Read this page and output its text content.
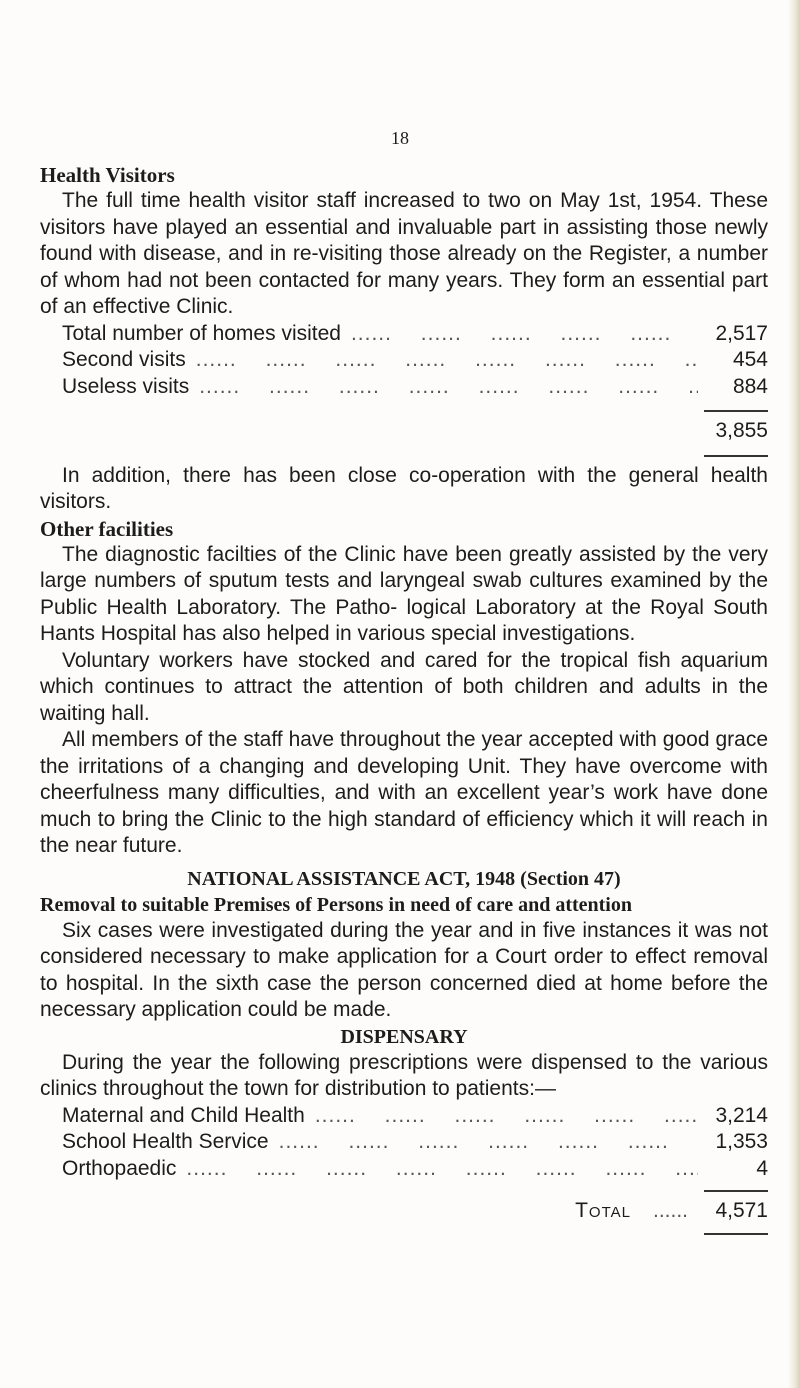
18
Health Visitors

The full time health visitor staff increased to two on May 1st, 1954. These visitors have played an essential and invaluable part in assisting those newly found with disease, and in re-visiting those already on the Register, a number of whom had not been contacted for many years. They form an essential part of an effective Clinic.

Total number of homes visited .....	2,517
Second visits .....	454
Useless visits .....	884
3,855

In addition, there has been close co-operation with the general health visitors.

Other facilities

The diagnostic facilties of the Clinic have been greatly assisted by the very large numbers of sputum tests and laryngeal swab cultures examined by the Public Health Laboratory. The Patho- logical Laboratory at the Royal South Hants Hospital has also helped in various special investigations.

Voluntary workers have stocked and cared for the tropical fish aquarium which continues to attract the attention of both children and adults in the waiting hall.

All members of the staff have throughout the year accepted with good grace the irritations of a changing and developing Unit. They have overcome with cheerfulness many difficulties, and with an excellent year’s work have done much to bring the Clinic to the high standard of efficiency which it will reach in the near future.

NATIONAL ASSISTANCE ACT, 1948 (Section 47)
Removal to suitable Premises of Persons in need of care and attention

Six cases were investigated during the year and in five instances it was not considered necessary to make application for a Court order to effect removal to hospital. In the sixth case the person concerned died at home before the necessary application could be made.

DISPENSARY

During the year the following prescriptions were dispensed to the various clinics throughout the town for distribution to patients:—

Maternal and Child Health .....	3,214
School Health Service .....	1,353
Orthopaedic .....	4
Total ......	4,571
